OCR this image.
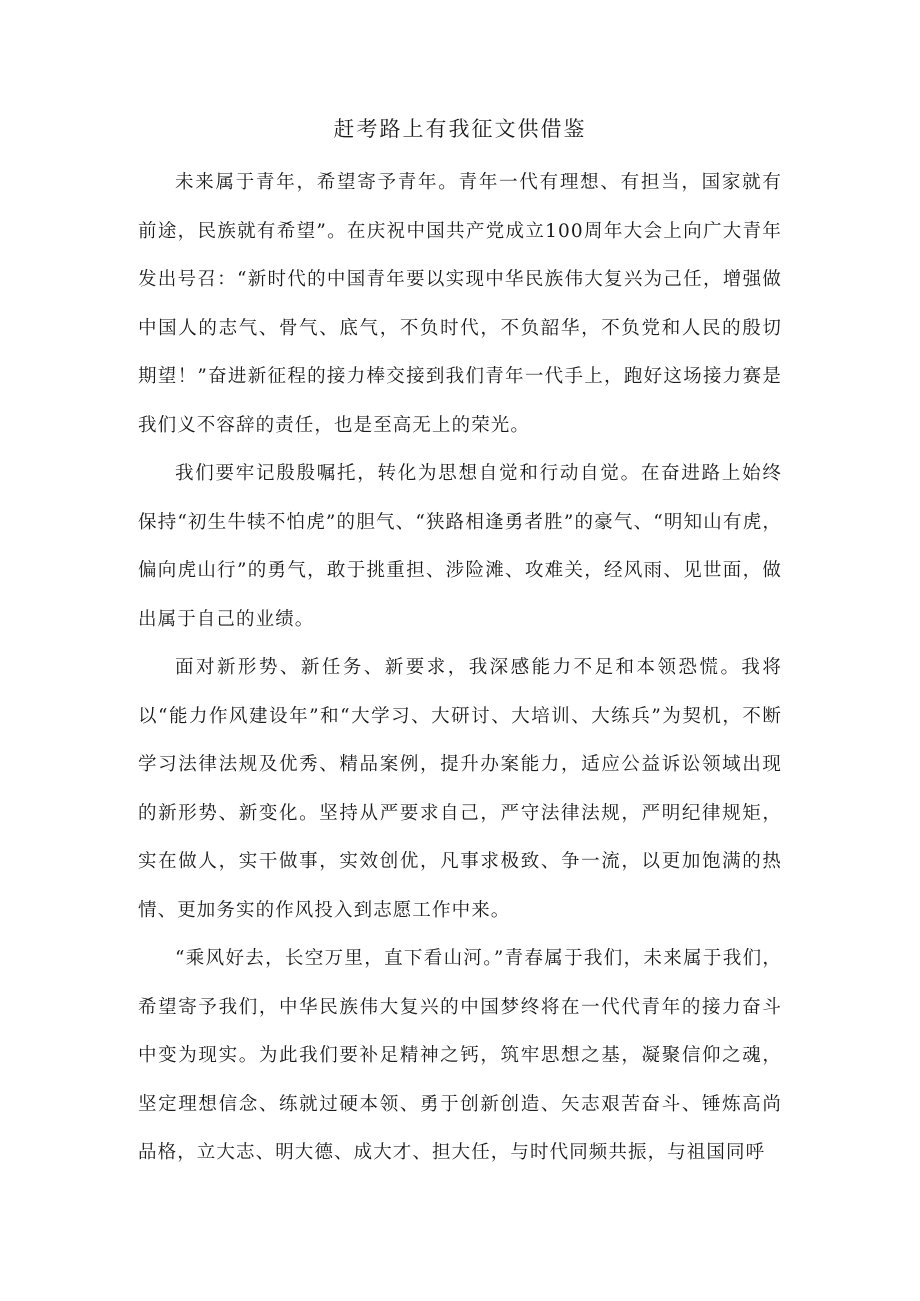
赶考路上有我征文供借鉴

未来属于青年，希望寄予青年。青年一代有理想、有担当，国家就有前途，民族就有希望”。在庆祝中国共产党成立100周年大会上向广大青年发出号召：“新时代的中国青年要以实现中华民族伟大复兴为己任，增强做中国人的志气、骨气、底气，不负时代，不负韶华，不负党和人民的殷切期望！”奋进新征程的接力棒交接到我们青年一代手上，跑好这场接力赛是我们义不容辞的责任，也是至高无上的荣光。

我们要牢记殷殷嘱托，转化为思想自觉和行动自觉。在奋进路上始终保持“初生牛犊不怕虎”的胆气、“狭路相逢勇者胜”的豪气、“明知山有虎，偏向虎山行”的勇气，敢于挑重担、涉险滩、攻难关，经风雨、见世面，做出属于自己的业绩。

面对新形势、新任务、新要求，我深感能力不足和本领恐慌。我将以“能力作风建设年”和“大学习、大研讨、大培训、大练兵”为契机，不断学习法律法规及优秀、精品案例，提升办案能力，适应公益诉讼领域出现的新形势、新变化。坚持从严要求自己，严守法律法规，严明纪律规矩，实在做人，实干做事，实效创优，凡事求极致、争一流，以更加饱满的热情、更加务实的作风投入到志愿工作中来。

“乘风好去，长空万里，直下看山河。”青春属于我们，未来属于我们，希望寄予我们，中华民族伟大复兴的中国梦终将在一代代青年的接力奋斗中变为现实。为此我们要补足精神之钙，筑牢思想之基，凝聚信仰之魂，坚定理想信念、练就过硬本领、勇于创新创造、矢志艰苦奋斗、锤炼高尚品格，立大志、明大德、成大才、担大任，与时代同频共振，与祖国同呼
